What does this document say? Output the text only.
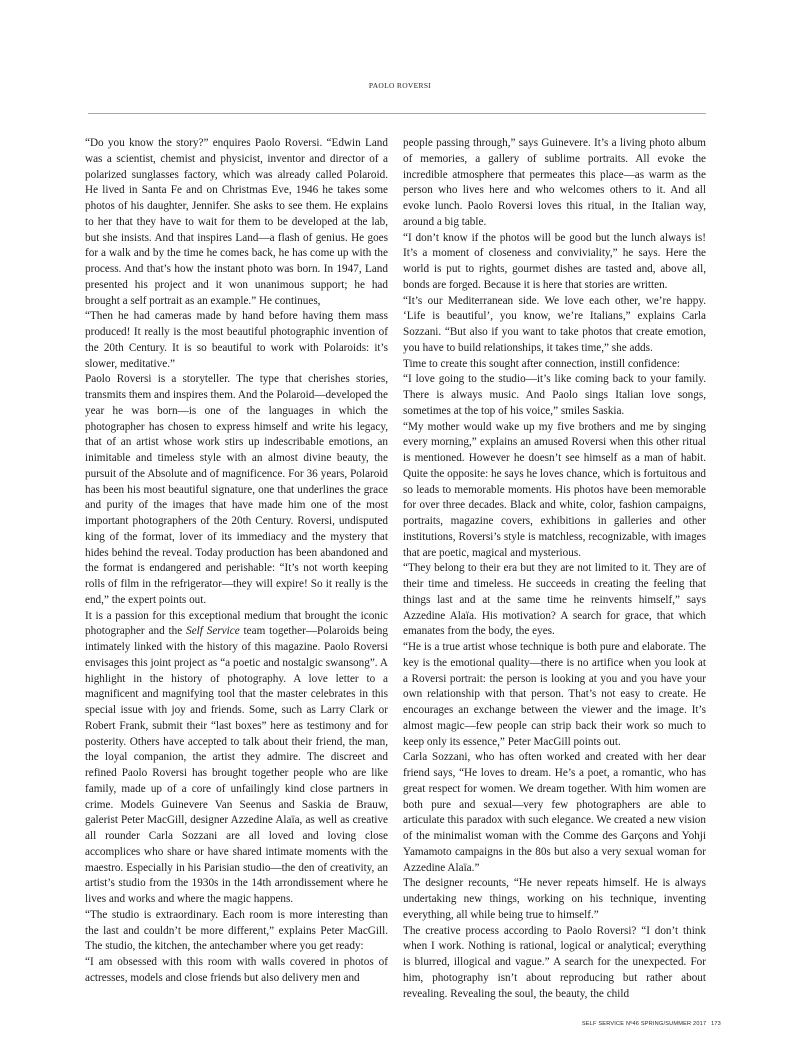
PAOLO ROVERSI

“Do you know the story?” enquires Paolo Roversi. “Edwin Land was a scientist, chemist and physicist, inventor and director of a polarized sunglasses factory, which was already called Polaroid. He lived in Santa Fe and on Christmas Eve, 1946 he takes some photos of his daughter, Jennifer. She asks to see them. He explains to her that they have to wait for them to be developed at the lab, but she insists. And that inspires Land—a flash of genius. He goes for a walk and by the time he comes back, he has come up with the process. And that’s how the instant photo was born. In 1947, Land presented his project and it won unanimous support; he had brought a self portrait as an example.” He continues,

“Then he had cameras made by hand before having them mass produced! It really is the most beautiful photographic invention of the 20th Century. It is so beautiful to work with Polaroids: it’s slower, meditative.”

Paolo Roversi is a storyteller. The type that cherishes stories, transmits them and inspires them. And the Polaroid—developed the year he was born—is one of the languages in which the photographer has chosen to express himself and write his legacy, that of an artist whose work stirs up indescribable emotions, an inimitable and timeless style with an almost divine beauty, the pursuit of the Absolute and of magnificence. For 36 years, Polaroid has been his most beautiful signature, one that underlines the grace and purity of the images that have made him one of the most important photographers of the 20th Century. Roversi, undisputed king of the format, lover of its immediacy and the mystery that hides behind the reveal. Today production has been abandoned and the format is endangered and perishable: “It’s not worth keeping rolls of film in the refrigerator—they will expire! So it really is the end,” the expert points out.

It is a passion for this exceptional medium that brought the iconic photographer and the Self Service team together—Polaroids being intimately linked with the history of this magazine. Paolo Roversi envisages this joint project as “a poetic and nostalgic swansong”. A highlight in the history of photography. A love letter to a magnificent and magnifying tool that the master celebrates in this special issue with joy and friends. Some, such as Larry Clark or Robert Frank, submit their “last boxes” here as testimony and for posterity. Others have accepted to talk about their friend, the man, the loyal companion, the artist they admire. The discreet and refined Paolo Roversi has brought together people who are like family, made up of a core of unfailingly kind close partners in crime. Models Guinevere Van Seenus and Saskia de Brauw, galerist Peter MacGill, designer Azzedine Alaïa, as well as creative all rounder Carla Sozzani are all loved and loving close accomplices who share or have shared intimate moments with the maestro. Especially in his Parisian studio—the den of creativity, an artist’s studio from the 1930s in the 14th arrondissement where he lives and works and where the magic happens.

“The studio is extraordinary. Each room is more interesting than the last and couldn’t be more different,” explains Peter MacGill. The studio, the kitchen, the antechamber where you get ready:

“I am obsessed with this room with walls covered in photos of actresses, models and close friends but also delivery men and

people passing through,” says Guinevere. It’s a living photo album of memories, a gallery of sublime portraits. All evoke the incredible atmosphere that permeates this place—as warm as the person who lives here and who welcomes others to it. And all evoke lunch. Paolo Roversi loves this ritual, in the Italian way, around a big table.

“I don’t know if the photos will be good but the lunch always is! It’s a moment of closeness and conviviality,” he says. Here the world is put to rights, gourmet dishes are tasted and, above all, bonds are forged. Because it is here that stories are written.

“It’s our Mediterranean side. We love each other, we’re happy. ‘Life is beautiful’, you know, we’re Italians,” explains Carla Sozzani. “But also if you want to take photos that create emotion, you have to build relationships, it takes time,” she adds.

Time to create this sought after connection, instill confidence:

“I love going to the studio—it’s like coming back to your family. There is always music. And Paolo sings Italian love songs, sometimes at the top of his voice,” smiles Saskia.

“My mother would wake up my five brothers and me by singing every morning,” explains an amused Roversi when this other ritual is mentioned. However he doesn’t see himself as a man of habit. Quite the opposite: he says he loves chance, which is fortuitous and so leads to memorable moments. His photos have been memorable for over three decades. Black and white, color, fashion campaigns, portraits, magazine covers, exhibitions in galleries and other institutions, Roversi’s style is matchless, recognizable, with images that are poetic, magical and mysterious.

“They belong to their era but they are not limited to it. They are of their time and timeless. He succeeds in creating the feeling that things last and at the same time he reinvents himself,” says Azzedine Alaïa. His motivation? A search for grace, that which emanates from the body, the eyes.

“He is a true artist whose technique is both pure and elaborate. The key is the emotional quality—there is no artifice when you look at a Roversi portrait: the person is looking at you and you have your own relationship with that person. That’s not easy to create. He encourages an exchange between the viewer and the image. It’s almost magic—few people can strip back their work so much to keep only its essence,” Peter MacGill points out.

Carla Sozzani, who has often worked and created with her dear friend says, “He loves to dream. He’s a poet, a romantic, who has great respect for women. We dream together. With him women are both pure and sexual—very few photographers are able to articulate this paradox with such elegance. We created a new vision of the minimalist woman with the Comme des Garçons and Yohji Yamamoto campaigns in the 80s but also a very sexual woman for Azzedine Alaïa.”

The designer recounts, “He never repeats himself. He is always undertaking new things, working on his technique, inventing everything, all while being true to himself.”

The creative process according to Paolo Roversi? “I don’t think when I work. Nothing is rational, logical or analytical; everything is blurred, illogical and vague.” A search for the unexpected. For him, photography isn’t about reproducing but rather about revealing. Revealing the soul, the beauty, the child

SELF SERVICE Nº46 SPRING/SUMMER 2017 173
